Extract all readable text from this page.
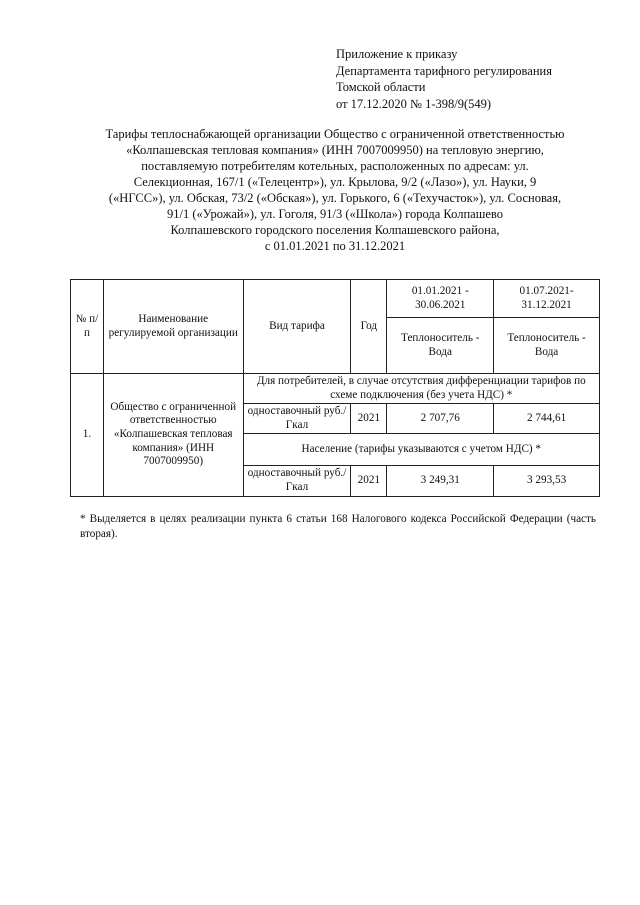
Приложение к приказу
Департамента тарифного регулирования
Томской области
от 17.12.2020 № 1-398/9(549)
Тарифы теплоснабжающей организации Общество с ограниченной ответственностью
«Колпашевская тепловая компания» (ИНН 7007009950) на тепловую энергию,
поставляемую потребителям котельных, расположенных по адресам: ул.
Селекционная, 167/1 («Телецентр»), ул. Крылова, 9/2 («Лазо»), ул. Науки, 9
(«НГСС»), ул. Обская, 73/2 («Обская»), ул. Горького, 6 («Техучасток»), ул. Сосновая,
91/1 («Урожай»), ул. Гоголя, 91/3 («Школа») города Колпашево
Колпашевского городского поселения Колпашевского района,
с 01.01.2021 по 31.12.2021
№ п/п	Наименование регулируемой организации	Вид тарифа	Год	01.01.2021 - 30.06.2021	01.07.2021- 31.12.2021
				Теплоноситель - Вода	Теплоноситель - Вода
1.	Общество с ограниченной ответственностью «Колпашевская тепловая компания» (ИНН 7007009950)	Для потребителей, в случае отсутствия дифференциации тарифов по схеме подключения (без учета НДС) *			
		одноставочный руб./Гкал	2021	2 707,76	2 744,61
		Население (тарифы указываются с учетом НДС) *			
		одноставочный руб./Гкал	2021	3 249,31	3 293,53
* Выделяется в целях реализации пункта 6 статьи 168 Налогового кодекса Российской Федерации (часть вторая).
